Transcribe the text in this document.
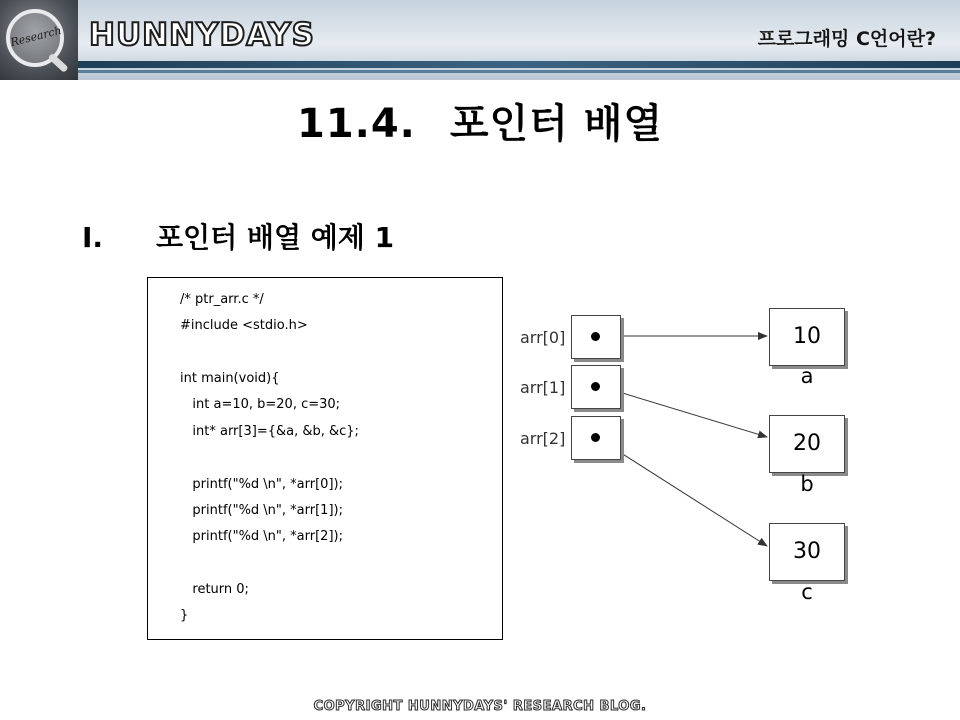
Research HUNNYDAYS	프로그래밍 C언어란?
11.4. 포인터 배열
I. 포인터 배열 예제 1
/* ptr_arr.c */
#include <stdio.h>
int main(void){
int a=10, b=20, c=30;
int* arr[3]={&a, &b, &c};
printf("%d \n", *arr[0]);
printf("%d \n", *arr[1]);
printf("%d \n", *arr[2]);
return 0;
}
arr[0]
arr[1]
arr[2]
10
20
30
a
b
c
COPYRIGHT HUNNYDAYS' RESEARCH BLOG.
